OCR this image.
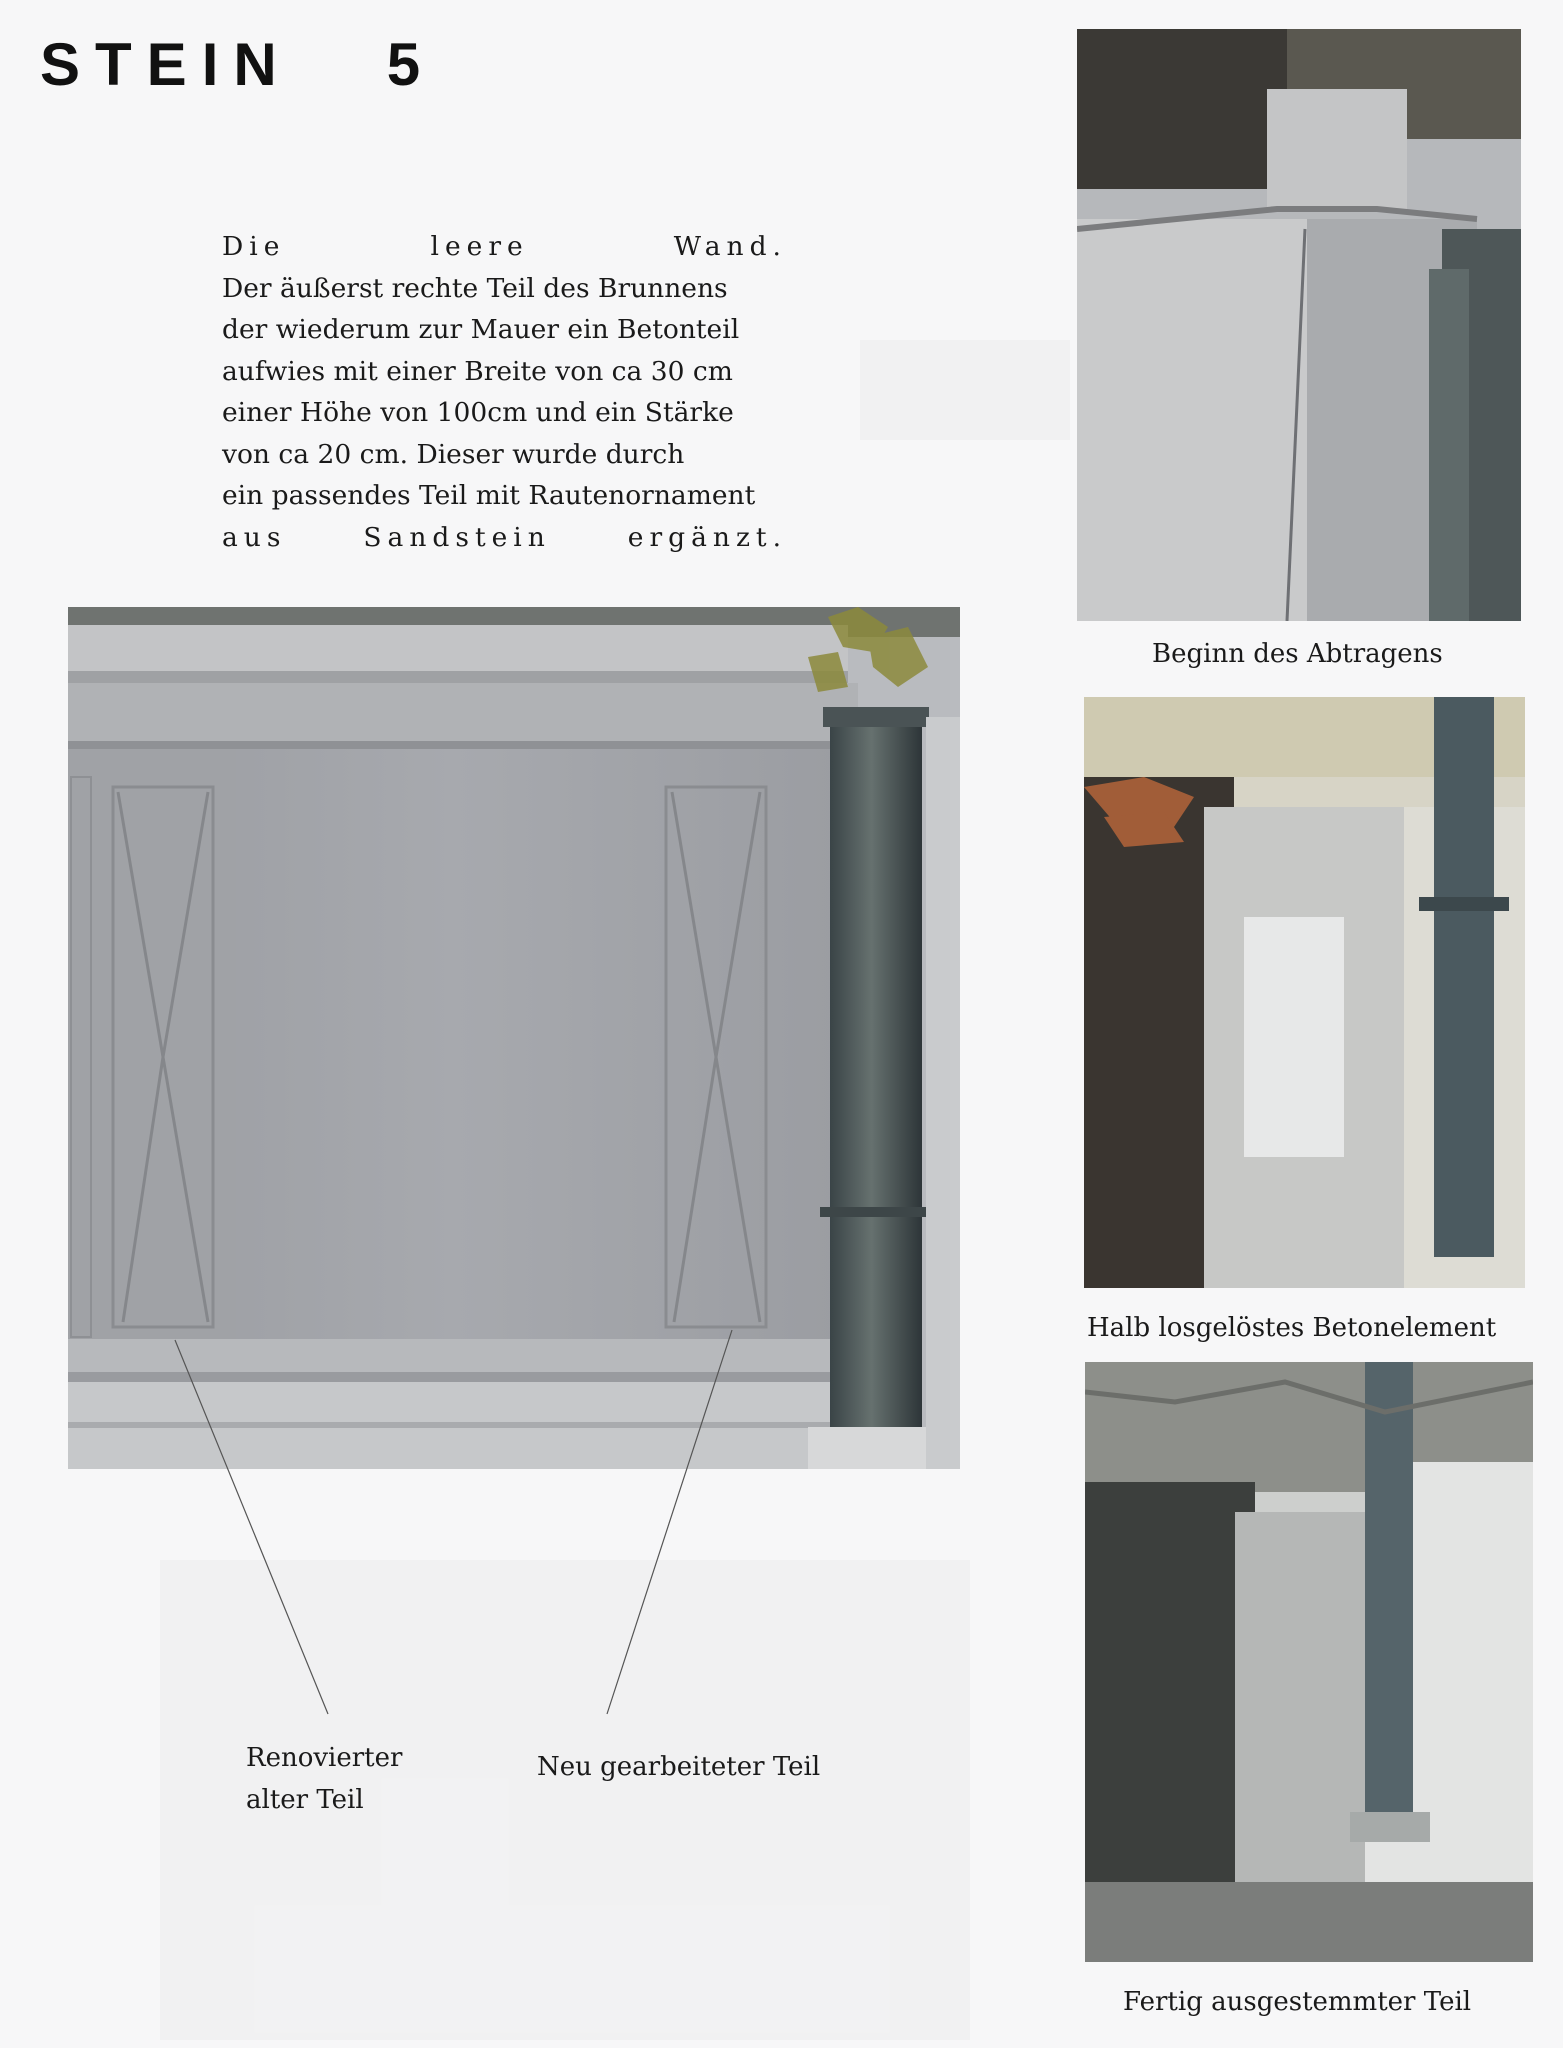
STEIN   5
Die	leere	Wand.
Der äußerst rechte Teil des Brunnens
der wiederum zur Mauer ein Betonteil
aufwies mit einer Breite von ca 30 cm
einer Höhe von 100cm und ein Stärke
von ca 20 cm. Dieser wurde durch
ein passendes Teil mit Rautenornament
aus	Sandstein	ergänzt.
Renovierter
alter Teil
Neu gearbeiteter Teil
Beginn des Abtragens
Halb losgelöstes Betonelement
Fertig ausgestemmter Teil
